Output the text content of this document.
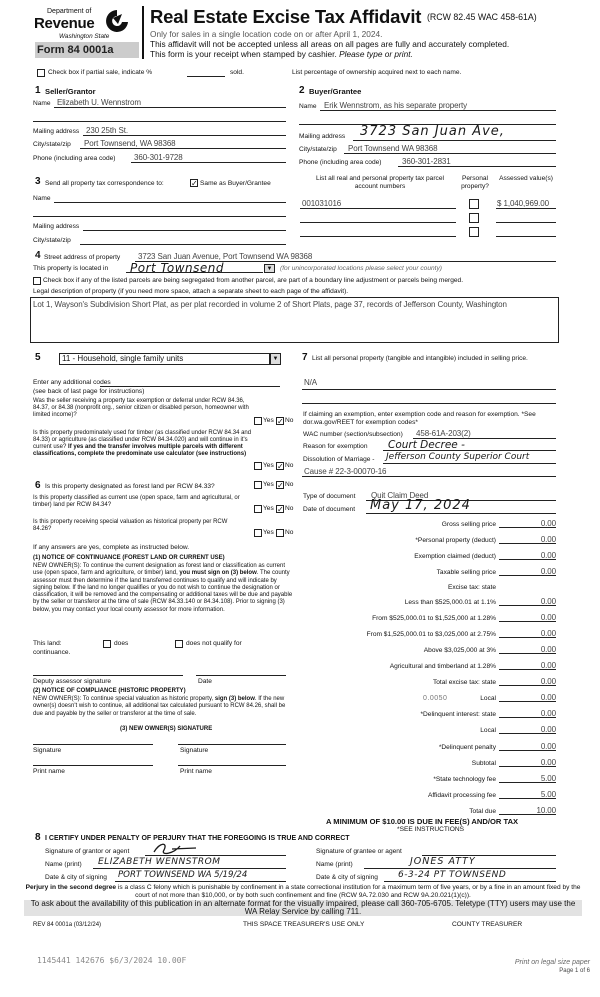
Department of
Revenue
Washington State
Form 84 0001a
Real Estate Excise Tax Affidavit (RCW 82.45 WAC 458-61A)
Only for sales in a single location code on or after April 1, 2024.
This affidavit will not be accepted unless all areas on all pages are fully and accurately completed.
This form is your receipt when stamped by cashier. Please type or print.
Check box if partial sale, indicate %	sold.	List percentage of ownership acquired next to each name.
1 Seller/Grantor
Name Elizabeth U. Wennstrom
Mailing address 230 25th St.
City/state/zip Port Townsend, WA 98368
Phone (including area code) 360-301-9728
2 Buyer/Grantee
Name Erik Wennstrom, as his separate property
Mailing address 3723 San Juan Ave,
City/state/zip Port Townsend WA 98368
Phone (including area code)	360-301-2831
3 Send all property tax correspondence to:	✓ Same as Buyer/Grantee
Name
Mailing address
City/state/zip
List all real and personal property tax parcel account numbers
Personal property?
Assessed value(s)
001031016	$ 1,040,969.00
4 Street address of property 3723 San Juan Avenue, Port Townsend WA 98368
This property is located in Port Townsend	▼	(for unincorporated locations please select your county)
Check box if any of the listed parcels are being segregated from another parcel, are part of a boundary line adjustment or parcels being merged.
Legal description of property (if you need more space, attach a separate sheet to each page of the affidavit).
Lot 1, Wayson's Subdivision Short Plat, as per plat recorded in volume 2 of Short Plats, page 37, records of Jefferson County, Washington
5	11 - Household, single family units	▼
Enter any additional codes
(see back of last page for instructions)
Was the seller receiving a property tax exemption or deferral under RCW 84.36, 84.37, or 84.38 (nonprofit org., senior citizen or disabled person, homeowner with limited income)?
Yes ✓ No
Is this property predominately used for timber (as classified under RCW 84.34 and 84.33) or agriculture (as classified under RCW 84.34.020) and will continue in it's current use? If yes and the transfer involves multiple parcels with different classifications, complete the predominate use calculator (see instructions)
Yes ✓ No
6 Is this property designated as forest land per RCW 84.33?	Yes ✓ No
Is this property classified as current use (open space, farm and agricultural, or timber) land per RCW 84.34?	Yes ✓ No
Is this property receiving special valuation as historical property per RCW 84.26?	Yes No
If any answers are yes, complete as instructed below.
(1) NOTICE OF CONTINUANCE (FOREST LAND OR CURRENT USE)
NEW OWNER(S): To continue the current designation as forest land or classification as current use (open space, farm and agriculture, or timber) land, you must sign on (3) below. The county assessor must then determine if the land transferred continues to qualify and will indicate by signing below. If the land no longer qualifies or you do not wish to continue the designation or classification, it will be removed and the compensating or additional taxes will be due and payable by the seller or transferor at the time of sale (RCW 84.33.140 or 84.34.108). Prior to signing (3) below, you may contact your local county assessor for more information.
This land:	does	does not qualify for
continuance.
Deputy assessor signature	Date
(2) NOTICE OF COMPLIANCE (HISTORIC PROPERTY)
NEW OWNER(S): To continue special valuation as historic property, sign (3) below. If the new owner(s) doesn't wish to continue, all additional tax calculated pursuant to RCW 84.26, shall be due and payable by the seller or transferor at the time of sale.
(3) NEW OWNER(S) SIGNATURE
Signature	Signature
Print name	Print name
7 List all personal property (tangible and intangible) included in selling price.
N/A
If claiming an exemption, enter exemption code and reason for exemption. *See dor.wa.gov/REET for exemption codes*
WAC number (section/subsection) 458-61A-203(2)
Reason for exemption Court Decree -
Dissolution of Marriage - Jefferson County Superior Court
Cause # 22-3-00070-16
Type of document Quit Claim Deed
Date of document May 17, 2024
Gross selling price	0.00
*Personal property (deduct)	0.00
Exemption claimed (deduct)	0.00
Taxable selling price	0.00
Excise tax: state
Less than $525,000.01 at 1.1%	0.00
From $525,000.01 to $1,525,000 at 1.28%	0.00
From $1,525,000.01 to $3,025,000 at 2.75%	0.00
Above $3,025,000 at 3%	0.00
Agricultural and timberland at 1.28%	0.00
Total excise tax: state	0.00
0.0050	Local	0.00
*Delinquent interest: state	0.00
Local	0.00
*Delinquent penalty	0.00
Subtotal	0.00
*State technology fee	5.00
Affidavit processing fee	5.00
Total due	10.00
A MINIMUM OF $10.00 IS DUE IN FEE(S) AND/OR TAX
*SEE INSTRUCTIONS
8 I CERTIFY UNDER PENALTY OF PERJURY THAT THE FOREGOING IS TRUE AND CORRECT
Signature of grantor or agent
Name (print) ELIZABETH WENNSTROM
Date & city of signing PORT TOWNSEND WA 5/19/24
Signature of grantee or agent
Name (print)	JONES ATTY
Date & city of signing 6-3-24 PT TOWNSEND
Perjury in the second degree is a class C felony which is punishable by confinement in a state correctional institution for a maximum term of five years, or by a fine in an amount fixed by the court of not more than $10,000, or by both such confinement and fine (RCW 9A.72.030 and RCW 9A.20.021(1)(c)).
To ask about the availability of this publication in an alternate format for the visually impaired, please call 360-705-6705. Teletype (TTY) users may use the WA Relay Service by calling 711.
REV 84 0001a (03/12/24)	THIS SPACE TREASURER'S USE ONLY	COUNTY TREASURER
1145441 142676 $6/3/2024 10.00F	Print on legal size paper
Page 1 of 6
